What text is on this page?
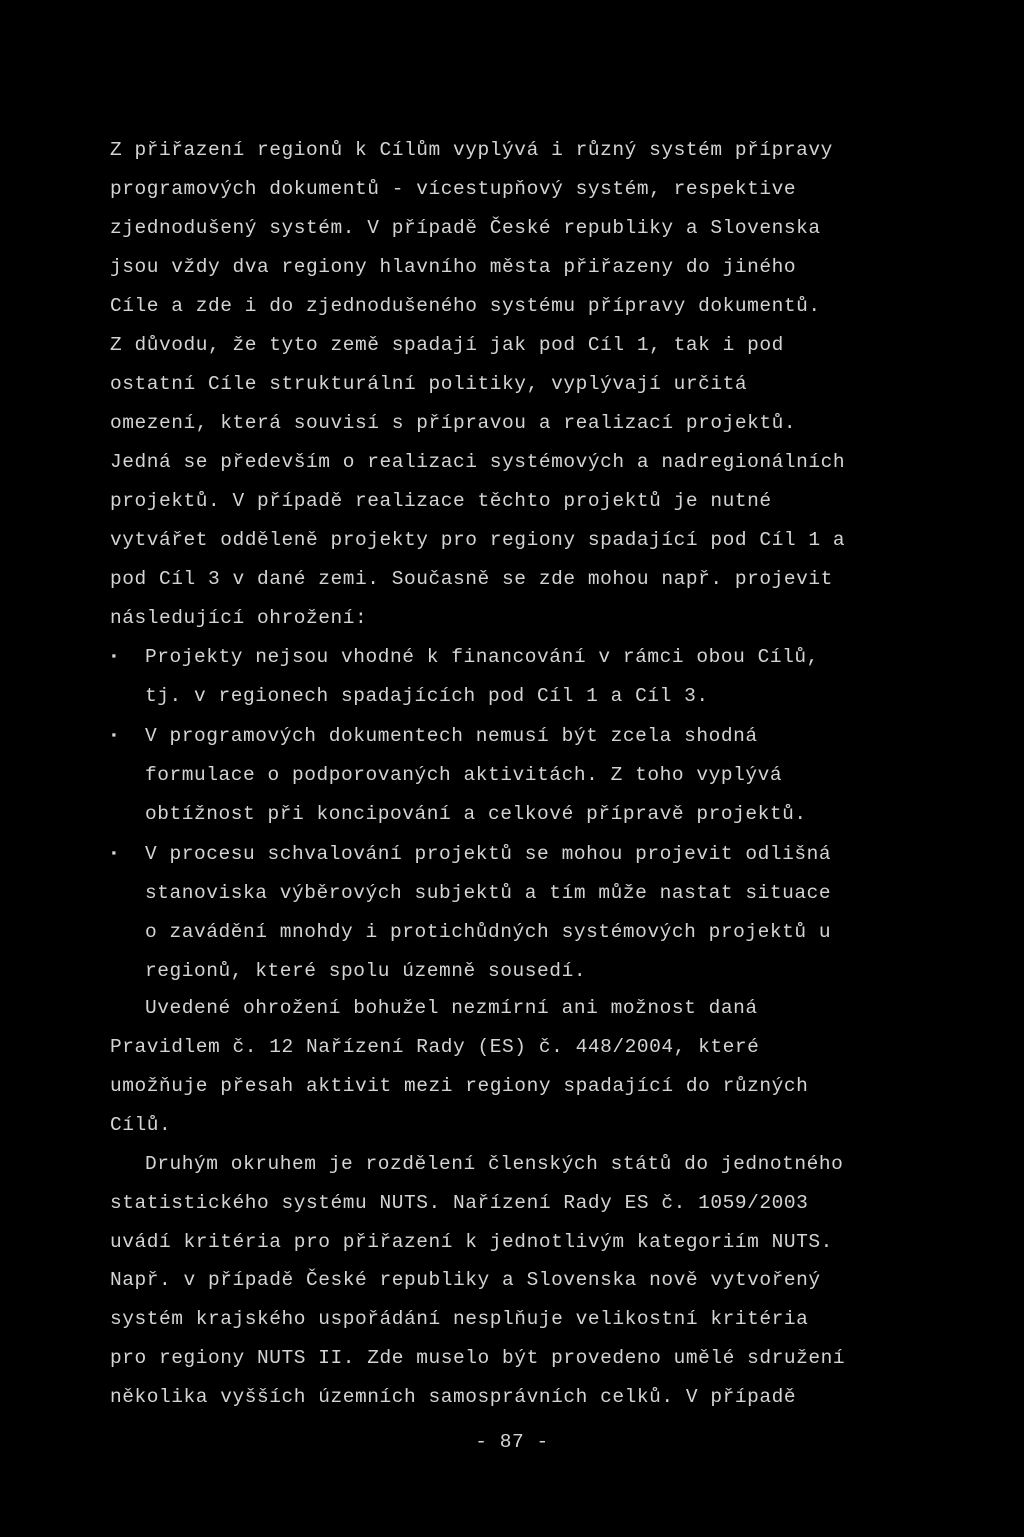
Z přiřazení regionů k Cílům vyplývá i různý systém přípravy
programových dokumentů - vícestupňový systém, respektive
zjednodušený systém. V případě České republiky a Slovenska
jsou vždy dva regiony hlavního města přiřazeny do jiného
Cíle a zde i do zjednodušeného systému přípravy dokumentů.
Z důvodu, že tyto země spadají jak pod Cíl 1, tak i pod
ostatní Cíle strukturální politiky, vyplývají určitá
omezení, která souvisí s přípravou a realizací projektů.
Jedná se především o realizaci systémových a nadregionálních
projektů. V případě realizace těchto projektů je nutné
vytvářet odděleně projekty pro regiony spadající pod Cíl 1 a
pod Cíl 3 v dané zemi. Současně se zde mohou např. projevit
následující ohrožení:
▪ Projekty nejsou vhodné k financování v rámci obou Cílů,
tj. v regionech spadajících pod Cíl 1 a Cíl 3.
▪ V programových dokumentech nemusí být zcela shodná
formulace o podporovaných aktivitách. Z toho vyplývá
obtížnost při koncipování a celkové přípravě projektů.
▪ V procesu schvalování projektů se mohou projevit odlišná
stanoviska výběrových subjektů a tím může nastat situace
o zavádění mnohdy i protichůdných systémových projektů u
regionů, které spolu územně sousedí.
Uvedené ohrožení bohužel nezmírní ani možnost daná
Pravidlem č. 12 Nařízení Rady (ES) č. 448/2004, které
umožňuje přesah aktivit mezi regiony spadající do různých
Cílů.
Druhým okruhem je rozdělení členských států do jednotného
statistického systému NUTS. Nařízení Rady ES č. 1059/2003
uvádí kritéria pro přiřazení k jednotlivým kategoriím NUTS.
Např. v případě České republiky a Slovenska nově vytvořený
systém krajského uspořádání nesplňuje velikostní kritéria
pro regiony NUTS II. Zde muselo být provedeno umělé sdružení
několika vyšších územních samosprávních celků. V případě
- 87 -
